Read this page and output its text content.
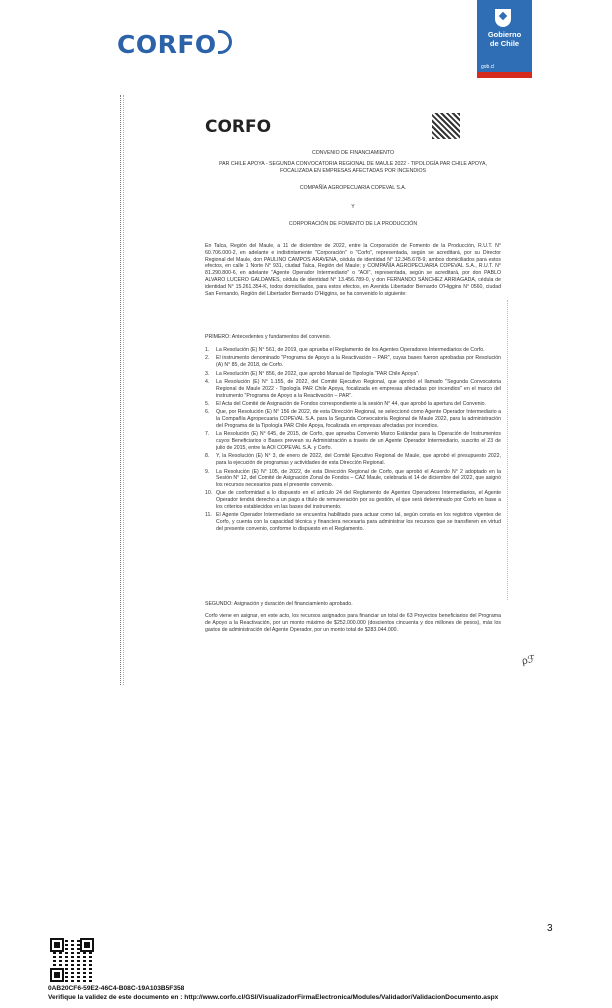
CORFO	Gobierno
de Chile
gob.cl
CORFO
CONVENIO DE FINANCIAMIENTO
PAR CHILE APOYA - SEGUNDA CONVOCATORIA REGIONAL DE MAULE 2022 - TIPOLOGÍA PAR CHILE APOYA, FOCALIZADA EN EMPRESAS AFECTADAS POR INCENDIOS
COMPAÑÍA AGROPECUARIA COPEVAL S.A.
Y
CORPORACIÓN DE FOMENTO DE LA PRODUCCIÓN
En Talca, Región del Maule, a 11 de diciembre de 2022, entre la Corporación de Fomento de la Producción, R.U.T. N° 60.706.000-2, en adelante e indistintamente "Corporación" o "Corfo", representada, según se acreditará, por su Director Regional del Maule, don PAULINO CAMPOS ARAVENA, cédula de identidad N° 12.345.678-9, ambos domiciliados para estos efectos, en calle 1 Norte N° 931, ciudad Talca, Región del Maule; y COMPAÑÍA AGROPECUARIA COPEVAL S.A., R.U.T. N° 81.290.800-6, en adelante "Agente Operador Intermediario" o "AOI", representada, según se acreditará, por don PABLO ALVARO LUCERO GALDAMES, cédula de identidad N° 13.456.789-0, y don FERNANDO SÁNCHEZ ARRIAGADA, cédula de identidad N° 15.261.354-K, todos domiciliados, para estos efectos, en Avenida Libertador Bernardo O'Higgins N° 0560, ciudad San Fernando, Región del Libertador Bernardo O'Higgins, se ha convenido lo siguiente:
PRIMERO: Antecedentes y fundamentos del convenio.
1. La Resolución (E) N° 561, de 2019, que aprueba el Reglamento de los Agentes Operadores Intermediarios de Corfo.
2. El instrumento denominado "Programa de Apoyo a la Reactivación – PAR", cuyas bases fueron aprobadas por Resolución (A) N° 85, de 2018, de Corfo.
3. La Resolución (E) N° 856, de 2022, que aprobó Manual de Tipología "PAR Chile Apoya".
4. La Resolución (E) N° 1.155, de 2022, del Comité Ejecutivo Regional, que aprobó el llamado "Segunda Convocatoria Regional de Maule 2022 - Tipología PAR Chile Apoya, focalizada en empresas afectadas por incendios" en el marco del instrumento "Programa de Apoyo a la Reactivación – PAR".
5. El Acta del Comité de Asignación de Fondos correspondiente a la sesión N° 44, que aprobó la apertura del Convenio.
6. Que, por Resolución (E) N° 156 de 2022, de esta Dirección Regional, se seleccionó como Agente Operador Intermediario a la Compañía Agropecuaria COPEVAL S.A. para la Segunda Convocatoria Regional de Maule 2022, para la administración del Programa de la Tipología PAR Chile Apoya, focalizada en empresas afectadas por incendios.
7. La Resolución (E) N° 645, de 2015, de Corfo, que aprueba Convenio Marco Estándar para la Operación de Instrumentos cuyos Beneficiarios o Bases prevean su Administración a través de un Agente Operador Intermediario, suscrito el 23 de julio de 2015, entre la AOI COPEVAL S.A. y Corfo.
8. Y, la Resolución (E) N° 3, de enero de 2022, del Comité Ejecutivo Regional de Maule, que aprobó el presupuesto 2022, para la ejecución de programas y actividades de esta Dirección Regional.
9. La Resolución (E) N° 105, de 2022, de esta Dirección Regional de Corfo, que aprobó el Acuerdo N° 2 adoptado en la Sesión N° 12, del Comité de Asignación Zonal de Fondos – CAZ Maule, celebrada el 14 de diciembre del 2022, que asignó los recursos necesarios para el presente convenio.
10. Que de conformidad a lo dispuesto en el artículo 24 del Reglamento de Agentes Operadores Intermediarios, el Agente Operador tendrá derecho a un pago a título de remuneración por su gestión, el que será determinado por Corfo en base a los criterios establecidos en las bases del instrumento.
11. El Agente Operador Intermediario se encuentra habilitado para actuar como tal, según consta en los registros vigentes de Corfo, y cuenta con la capacidad técnica y financiera necesaria para administrar los recursos que se transfieren en virtud del presente convenio, conforme lo dispuesto en el Reglamento.
SEGUNDO: Asignación y duración del financiamiento aprobado.
Corfo viene en asignar, en este acto, los recursos asignados para financiar un total de 63 Proyectos beneficiarios del Programa de Apoyo a la Reactivación, por un monto máximo de $252.000.000 (doscientos cincuenta y dos millones de pesos), más los gastos de administración del Agente Operador, por un monto total de $283.044.000.
ρℱ
3
0AB20CF6-59E2-46C4-B08C-19A103B5F358
Verifique la validez de este documento en : http://www.corfo.cl/GSI/VisualizadorFirmaElectronica/Modules/Validador/ValidacionDocumento.aspx
